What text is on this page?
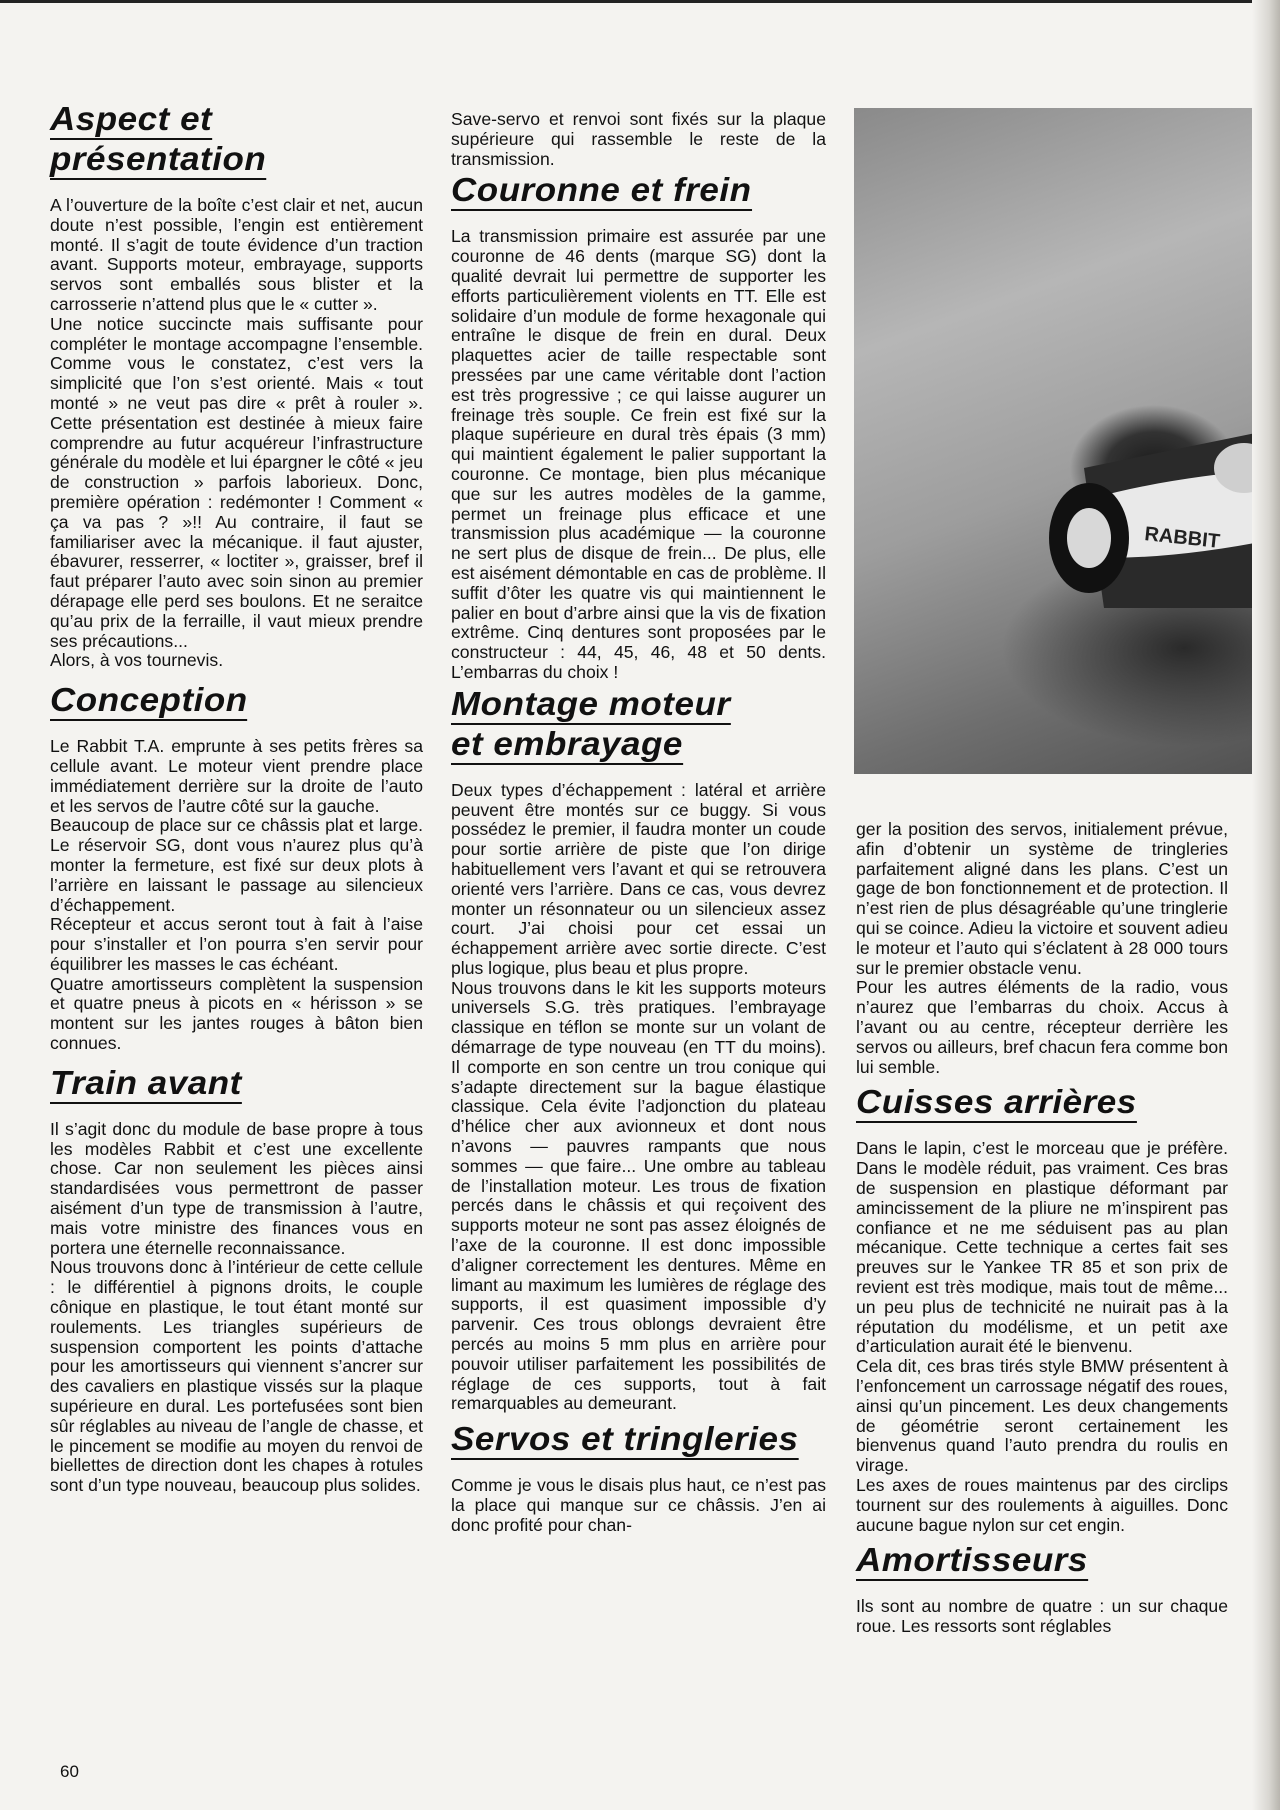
Aspect et
présentation

A l’ouverture de la boîte c’est clair et net, aucun doute n’est possible, l’engin est entièrement monté. Il s’agit de toute évidence d’un traction avant. Supports moteur, embrayage, supports servos sont emballés sous blister et la carrosserie n’attend plus que le « cutter ».

Une notice succincte mais suffisante pour compléter le montage accompagne l’ensemble. Comme vous le constatez, c’est vers la simplicité que l’on s’est orienté. Mais « tout monté » ne veut pas dire « prêt à rouler ». Cette présentation est destinée à mieux faire comprendre au futur acquéreur l’infrastructure générale du modèle et lui épargner le côté « jeu de construction » parfois laborieux. Donc, première opération : redémonter ! Comment « ça va pas ? »!! Au contraire, il faut se familiariser avec la mécanique. il faut ajuster, ébavurer, resserrer, « loctiter », graisser, bref il faut préparer l’auto avec soin sinon au premier dérapage elle perd ses boulons. Et ne seraitce qu’au prix de la ferraille, il vaut mieux prendre ses précautions...

Alors, à vos tournevis.

Conception

Le Rabbit T.A. emprunte à ses petits frères sa cellule avant. Le moteur vient prendre place immédiatement derrière sur la droite de l’auto et les servos de l’autre côté sur la gauche.

Beaucoup de place sur ce châssis plat et large. Le réservoir SG, dont vous n’aurez plus qu’à monter la fermeture, est fixé sur deux plots à l’arrière en laissant le passage au silencieux d’échappement.

Récepteur et accus seront tout à fait à l’aise pour s’installer et l’on pourra s’en servir pour équilibrer les masses le cas échéant.

Quatre amortisseurs complètent la suspension et quatre pneus à picots en « hérisson » se montent sur les jantes rouges à bâton bien connues.

Train avant

Il s’agit donc du module de base propre à tous les modèles Rabbit et c’est une excellente chose. Car non seulement les pièces ainsi standardisées vous permettront de passer aisément d’un type de transmission à l’autre, mais votre ministre des finances vous en portera une éternelle reconnaissance.

Nous trouvons donc à l’intérieur de cette cellule : le différentiel à pignons droits, le couple cônique en plastique, le tout étant monté sur roulements. Les triangles supérieurs de suspension comportent les points d’attache pour les amortisseurs qui viennent s’ancrer sur des cavaliers en plastique vissés sur la plaque supérieure en dural. Les portefusées sont bien sûr réglables au niveau de l’angle de chasse, et le pincement se modifie au moyen du renvoi de biellettes de direction dont les chapes à rotules sont d’un type nouveau, beaucoup plus solides.

Save-servo et renvoi sont fixés sur la plaque supérieure qui rassemble le reste de la transmission.

Couronne et frein

La transmission primaire est assurée par une couronne de 46 dents (marque SG) dont la qualité devrait lui permettre de supporter les efforts particulièrement violents en TT. Elle est solidaire d’un module de forme hexagonale qui entraîne le disque de frein en dural. Deux plaquettes acier de taille respectable sont pressées par une came véritable dont l’action est très progressive ; ce qui laisse augurer un freinage très souple. Ce frein est fixé sur la plaque supérieure en dural très épais (3 mm) qui maintient également le palier supportant la couronne. Ce montage, bien plus mécanique que sur les autres modèles de la gamme, permet un freinage plus efficace et une transmission plus académique — la couronne ne sert plus de disque de frein... De plus, elle est aisément démontable en cas de problème. Il suffit d’ôter les quatre vis qui maintiennent le palier en bout d’arbre ainsi que la vis de fixation extrême. Cinq dentures sont proposées par le constructeur : 44, 45, 46, 48 et 50 dents. L’embarras du choix !

Montage moteur
et embrayage

Deux types d’échappement : latéral et arrière peuvent être montés sur ce buggy. Si vous possédez le premier, il faudra monter un coude pour sortie arrière de piste que l’on dirige habituellement vers l’avant et qui se retrouvera orienté vers l’arrière. Dans ce cas, vous devrez monter un résonnateur ou un silencieux assez court. J’ai choisi pour cet essai un échappement arrière avec sortie directe. C’est plus logique, plus beau et plus propre.

Nous trouvons dans le kit les supports moteurs universels S.G. très pratiques. l’embrayage classique en téflon se monte sur un volant de démarrage de type nouveau (en TT du moins). Il comporte en son centre un trou conique qui s’adapte directement sur la bague élastique classique. Cela évite l’adjonction du plateau d’hélice cher aux avionneux et dont nous n’avons — pauvres rampants que nous sommes — que faire... Une ombre au tableau de l’installation moteur. Les trous de fixation percés dans le châssis et qui reçoivent des supports moteur ne sont pas assez éloignés de l’axe de la couronne. Il est donc impossible d’aligner correctement les dentures. Même en limant au maximum les lumières de réglage des supports, il est quasiment impossible d’y parvenir. Ces trous oblongs devraient être percés au moins 5 mm plus en arrière pour pouvoir utiliser parfaitement les possibilités de réglage de ces supports, tout à fait remarquables au demeurant.

Servos et tringleries

Comme je vous le disais plus haut, ce n’est pas la place qui manque sur ce châssis. J’en ai donc profité pour chan-

RABBIT

ger la position des servos, initialement prévue, afin d’obtenir un système de tringleries parfaitement aligné dans les plans. C’est un gage de bon fonctionnement et de protection. Il n’est rien de plus désagréable qu’une tringlerie qui se coince. Adieu la victoire et souvent adieu le moteur et l’auto qui s’éclatent à 28 000 tours sur le premier obstacle venu.

Pour les autres éléments de la radio, vous n’aurez que l’embarras du choix. Accus à l’avant ou au centre, récepteur derrière les servos ou ailleurs, bref chacun fera comme bon lui semble.

Cuisses arrières

Dans le lapin, c’est le morceau que je préfère. Dans le modèle réduit, pas vraiment. Ces bras de suspension en plastique déformant par amincissement de la pliure ne m’inspirent pas confiance et ne me séduisent pas au plan mécanique. Cette technique a certes fait ses preuves sur le Yankee TR 85 et son prix de revient est très modique, mais tout de même... un peu plus de technicité ne nuirait pas à la réputation du modélisme, et un petit axe d’articulation aurait été le bienvenu.

Cela dit, ces bras tirés style BMW présentent à l’enfoncement un carrossage négatif des roues, ainsi qu’un pincement. Les deux changements de géométrie seront certainement les bienvenus quand l’auto prendra du roulis en virage.

Les axes de roues maintenus par des circlips tournent sur des roulements à aiguilles. Donc aucune bague nylon sur cet engin.

Amortisseurs

Ils sont au nombre de quatre : un sur chaque roue. Les ressorts sont réglables

60
